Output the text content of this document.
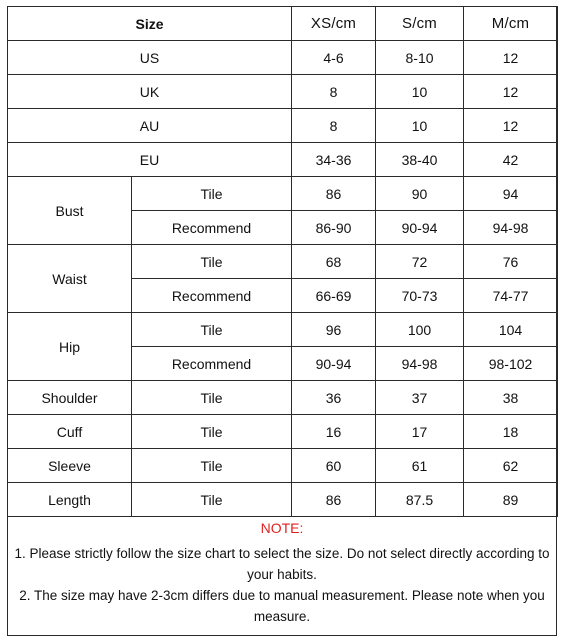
Size		XS/cm	S/cm	M/cm
US		4-6	8-10	12
UK		8	10	12
AU		8	10	12
EU		34-36	38-40	42
Bust	Tile	86	90	94
	Recommend	86-90	90-94	94-98
Waist	Tile	68	72	76
	Recommend	66-69	70-73	74-77
Hip	Tile	96	100	104
	Recommend	90-94	94-98	98-102
Shoulder	Tile	36	37	38
Cuff	Tile	16	17	18
Sleeve	Tile	60	61	62
Length	Tile	86	87.5	89
NOTE:
1. Please strictly follow the size chart to select the size. Do not select directly according to your habits.
2. The size may have 2-3cm differs due to manual measurement. Please note when you measure.
